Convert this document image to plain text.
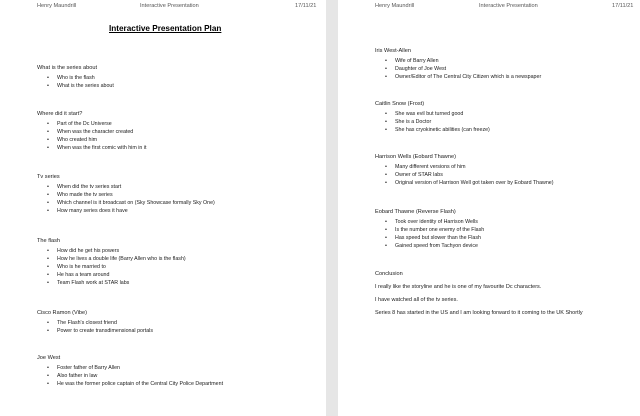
Henry Maundrill	Interactive Presentation	17/11/21
Interactive Presentation Plan
What is the series about
• Who is the flash
• What is the series about
Where did it start?
• Part of the Dc Universe
• When was the character created
• Who created him
• When was the first comic with him in it
Tv series
• When did the tv series start
• Who made the tv series
• Which channel is it broadcast on (Sky Showcase formally Sky One)
• How many series does it have
The flash
• How did he get his powers
• How he lives a double life (Barry Allen who is the flash)
• Who is he married to
• He has a team around
• Team Flash work at STAR labs
Cisco Ramon (Vibe)
• The Flash's closest friend
• Power to create transdimensional portals
Joe West
• Foster father of Barry Allen
• Also father in law
• He was the former police captain of the Central City Police Department
Henry Maundrill	Interactive Presentation	17/11/21
Iris West-Allen
• Wife of Barry Allen
• Daughter of Joe West
• Owner/Editor of The Central City Citizen which is a newspaper
Caitlin Snow (Frost)
• She was evil but turned good
• She is a Doctor
• She has cryokinetic abilities (can freeze)
Harrison Wells (Eobard Thawne)
• Many different versions of him
• Owner of STAR labs
• Original version of Harrison Well got taken over by Eobard Thawne)
Eobard Thawne (Reverse Flash)
• Took over identity of Harrison Wells
• Is the number one enemy of the Flash
• Has speed but slower than the Flash
• Gained speed from Tachyon device
Conclusion
I really like the storyline and he is one of my favourite Dc characters.
I have watched all of the tv series.
Series 8 has started in the US and I am looking forward to it coming to the UK Shortly
